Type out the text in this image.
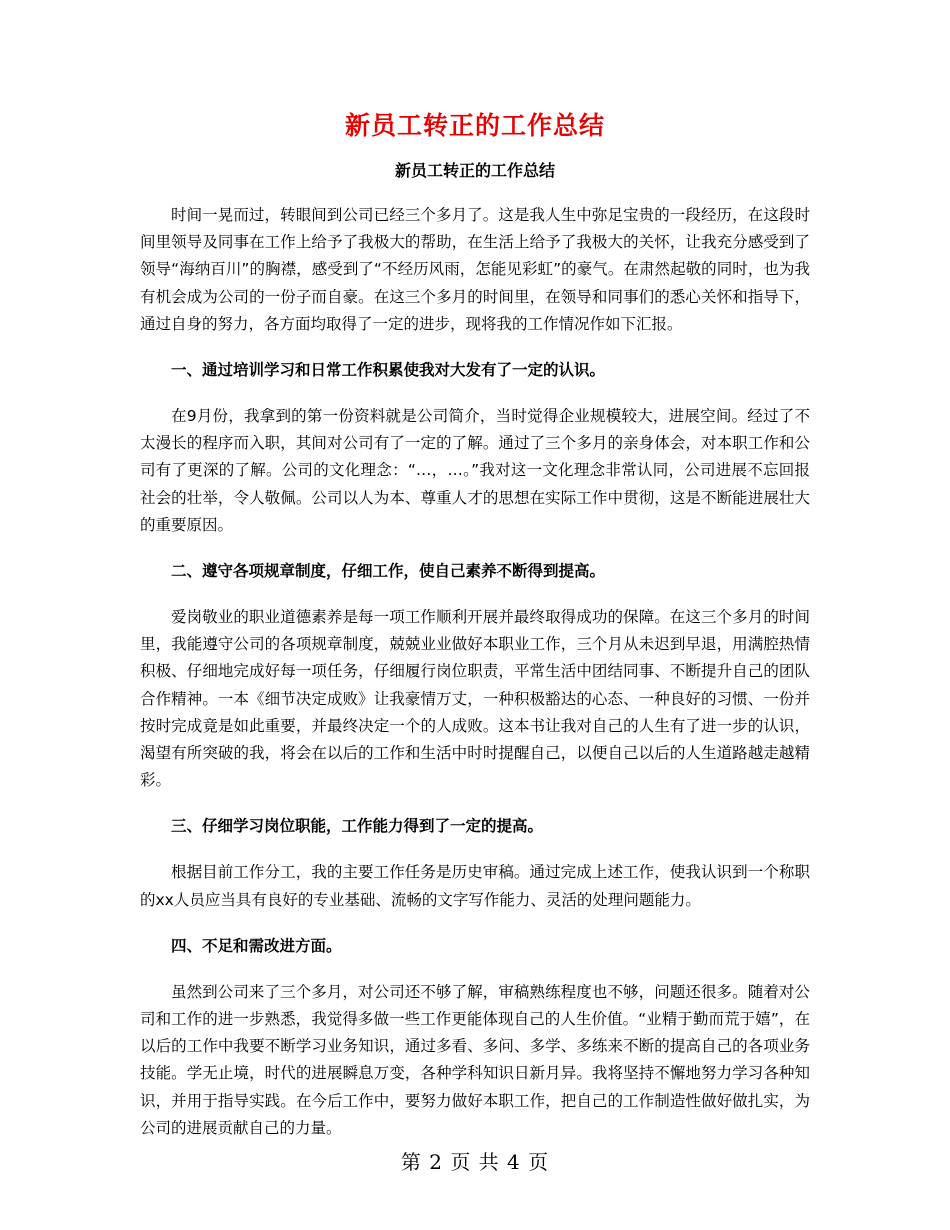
新员工转正的工作总结
新员工转正的工作总结

时间一晃而过，转眼间到公司已经三个多月了。这是我人生中弥足宝贵的一段经历，在这段时间里领导及同事在工作上给予了我极大的帮助，在生活上给予了我极大的关怀，让我充分感受到了领导“海纳百川”的胸襟，感受到了“不经历风雨，怎能见彩虹”的豪气。在肃然起敬的同时，也为我有机会成为公司的一份子而自豪。在这三个多月的时间里，在领导和同事们的悉心关怀和指导下，通过自身的努力，各方面均取得了一定的进步，现将我的工作情况作如下汇报。

一、通过培训学习和日常工作积累使我对大发有了一定的认识。

在9月份，我拿到的第一份资料就是公司简介，当时觉得企业规模较大，进展空间。经过了不太漫长的程序而入职，其间对公司有了一定的了解。通过了三个多月的亲身体会，对本职工作和公司有了更深的了解。公司的文化理念：“…，…。”我对这一文化理念非常认同，公司进展不忘回报社会的壮举，令人敬佩。公司以人为本、尊重人才的思想在实际工作中贯彻，这是不断能进展壮大的重要原因。

二、遵守各项规章制度，仔细工作，使自己素养不断得到提高。

爱岗敬业的职业道德素养是每一项工作顺利开展并最终取得成功的保障。在这三个多月的时间里，我能遵守公司的各项规章制度，兢兢业业做好本职业工作，三个月从未迟到早退，用满腔热情积极、仔细地完成好每一项任务，仔细履行岗位职责，平常生活中团结同事、不断提升自己的团队合作精神。一本《细节决定成败》让我豪情万丈，一种积极豁达的心态、一种良好的习惯、一份并按时完成竟是如此重要，并最终决定一个的人成败。这本书让我对自己的人生有了进一步的认识，渴望有所突破的我，将会在以后的工作和生活中时时提醒自己，以便自己以后的人生道路越走越精彩。

三、仔细学习岗位职能，工作能力得到了一定的提高。

根据目前工作分工，我的主要工作任务是历史审稿。通过完成上述工作，使我认识到一个称职的xx人员应当具有良好的专业基础、流畅的文字写作能力、灵活的处理问题能力。

四、不足和需改进方面。

虽然到公司来了三个多月，对公司还不够了解，审稿熟练程度也不够，问题还很多。随着对公司和工作的进一步熟悉，我觉得多做一些工作更能体现自己的人生价值。“业精于勤而荒于嬉”，在以后的工作中我要不断学习业务知识，通过多看、多问、多学、多练来不断的提高自己的各项业务技能。学无止境，时代的进展瞬息万变，各种学科知识日新月异。我将坚持不懈地努力学习各种知识，并用于指导实践。在今后工作中，要努力做好本职工作，把自己的工作制造性做好做扎实，为公司的进展贡献自己的力量。

第 2 页 共 4 页
